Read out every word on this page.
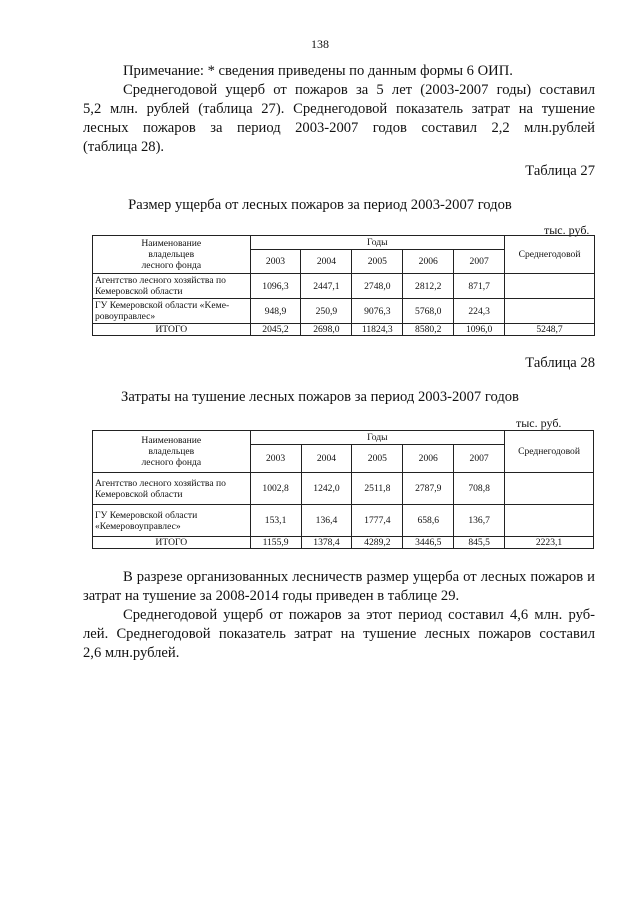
138

Примечание: * сведения приведены по данным формы 6 ОИП.

Среднегодовой ущерб от пожаров за 5 лет (2003-2007 годы) составил
5,2 млн. рублей (таблица 27). Среднегодовой показатель затрат на тушение
лесных пожаров за период 2003-2007 годов составил 2,2 млн.рублей
(таблица 28).

Таблица 27
Размер ущерба от лесных пожаров за период 2003-2007 годов
тыс. руб.
Наименование
владельцев
лесного фонда	Годы					Среднегодовой
	2003	2004	2005	2006	2007	

Агентство лесного хозяйства по
Кемеровской области	1096,3	2447,1	2748,0	2812,2	871,7	

ГУ Кемеровской области «Keме-
ровоуправлес»	948,9	250,9	9076,3	5768,0	224,3	
ИТОГО	2045,2	2698,0	11824,3	8580,2	1096,0	5248,7
Таблица 28
Затраты на тушение лесных пожаров за период 2003-2007 годов
тыс. руб.
Наименование
владельцев
лесного фонда	Годы					Среднегодовой
	2003	2004	2005	2006	2007	

Агентство лесного хозяйства по
Кемеровской области	1002,8	1242,0	2511,8	2787,9	708,8	

ГУ Кемеровской области
«Кемеровоуправлес»	153,1	136,4	1777,4	658,6	136,7	
ИТОГО	1155,9	1378,4	4289,2	3446,5	845,5	2223,1

В разрезе организованных лесничеств размер ущерба от лесных пожаров и
затрат на тушение за 2008-2014 годы приведен в таблице 29.

Среднегодовой ущерб от пожаров за этот период составил 4,6 млн. руб-
лей. Среднегодовой показатель затрат на тушение лесных пожаров составил
2,6 млн.рублей.
